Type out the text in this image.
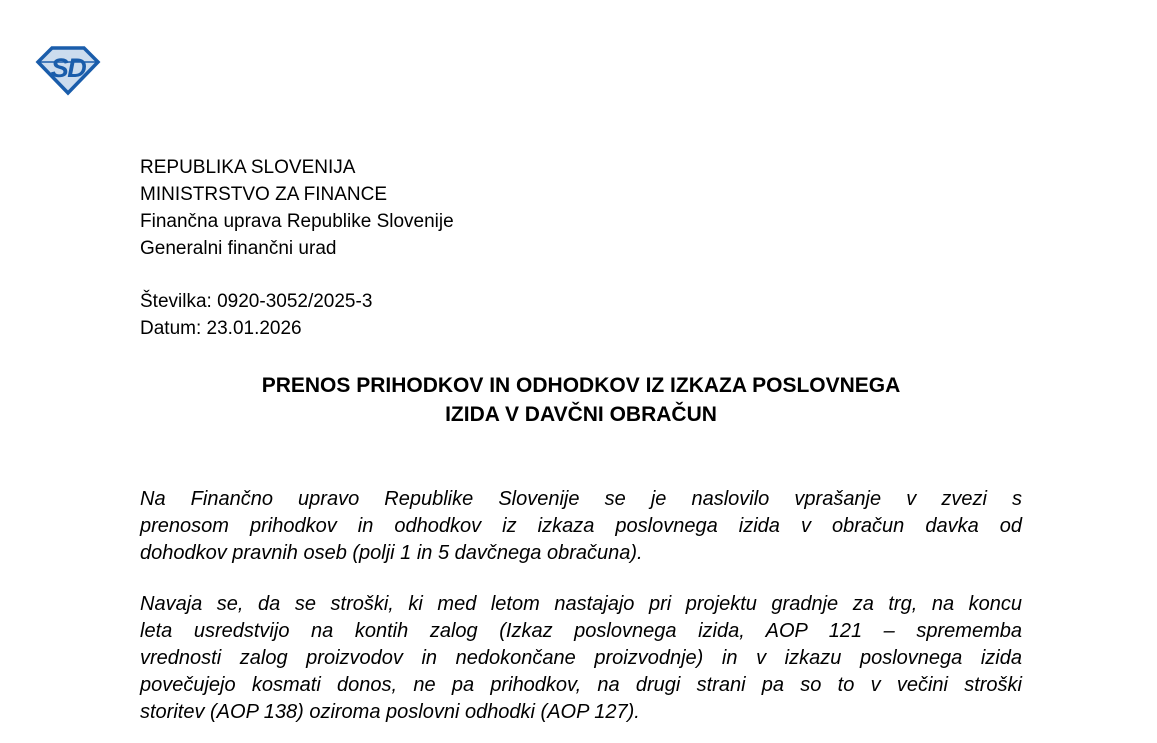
SD
REPUBLIKA SLOVENIJA
MINISTRSTVO ZA FINANCE
Finančna uprava Republike Slovenije
Generalni finančni urad
Številka: 0920-3052/2025-3
Datum: 23.01.2026
PRENOS PRIHODKOV IN ODHODKOV IZ IZKAZA POSLOVNEGA
IZIDA V DAVČNI OBRAČUN
Na Finančno upravo Republike Slovenije se je naslovilo vprašanje v zvezi s
prenosom prihodkov in odhodkov iz izkaza poslovnega izida v obračun davka od
dohodkov pravnih oseb (polji 1 in 5 davčnega obračuna).
Navaja se, da se stroški, ki med letom nastajajo pri projektu gradnje za trg, na koncu
leta usredstvijo na kontih zalog (Izkaz poslovnega izida, AOP 121 – sprememba
vrednosti zalog proizvodov in nedokončane proizvodnje) in v izkazu poslovnega izida
povečujejo kosmati donos, ne pa prihodkov, na drugi strani pa so to v večini stroški
storitev (AOP 138) oziroma poslovni odhodki (AOP 127).
